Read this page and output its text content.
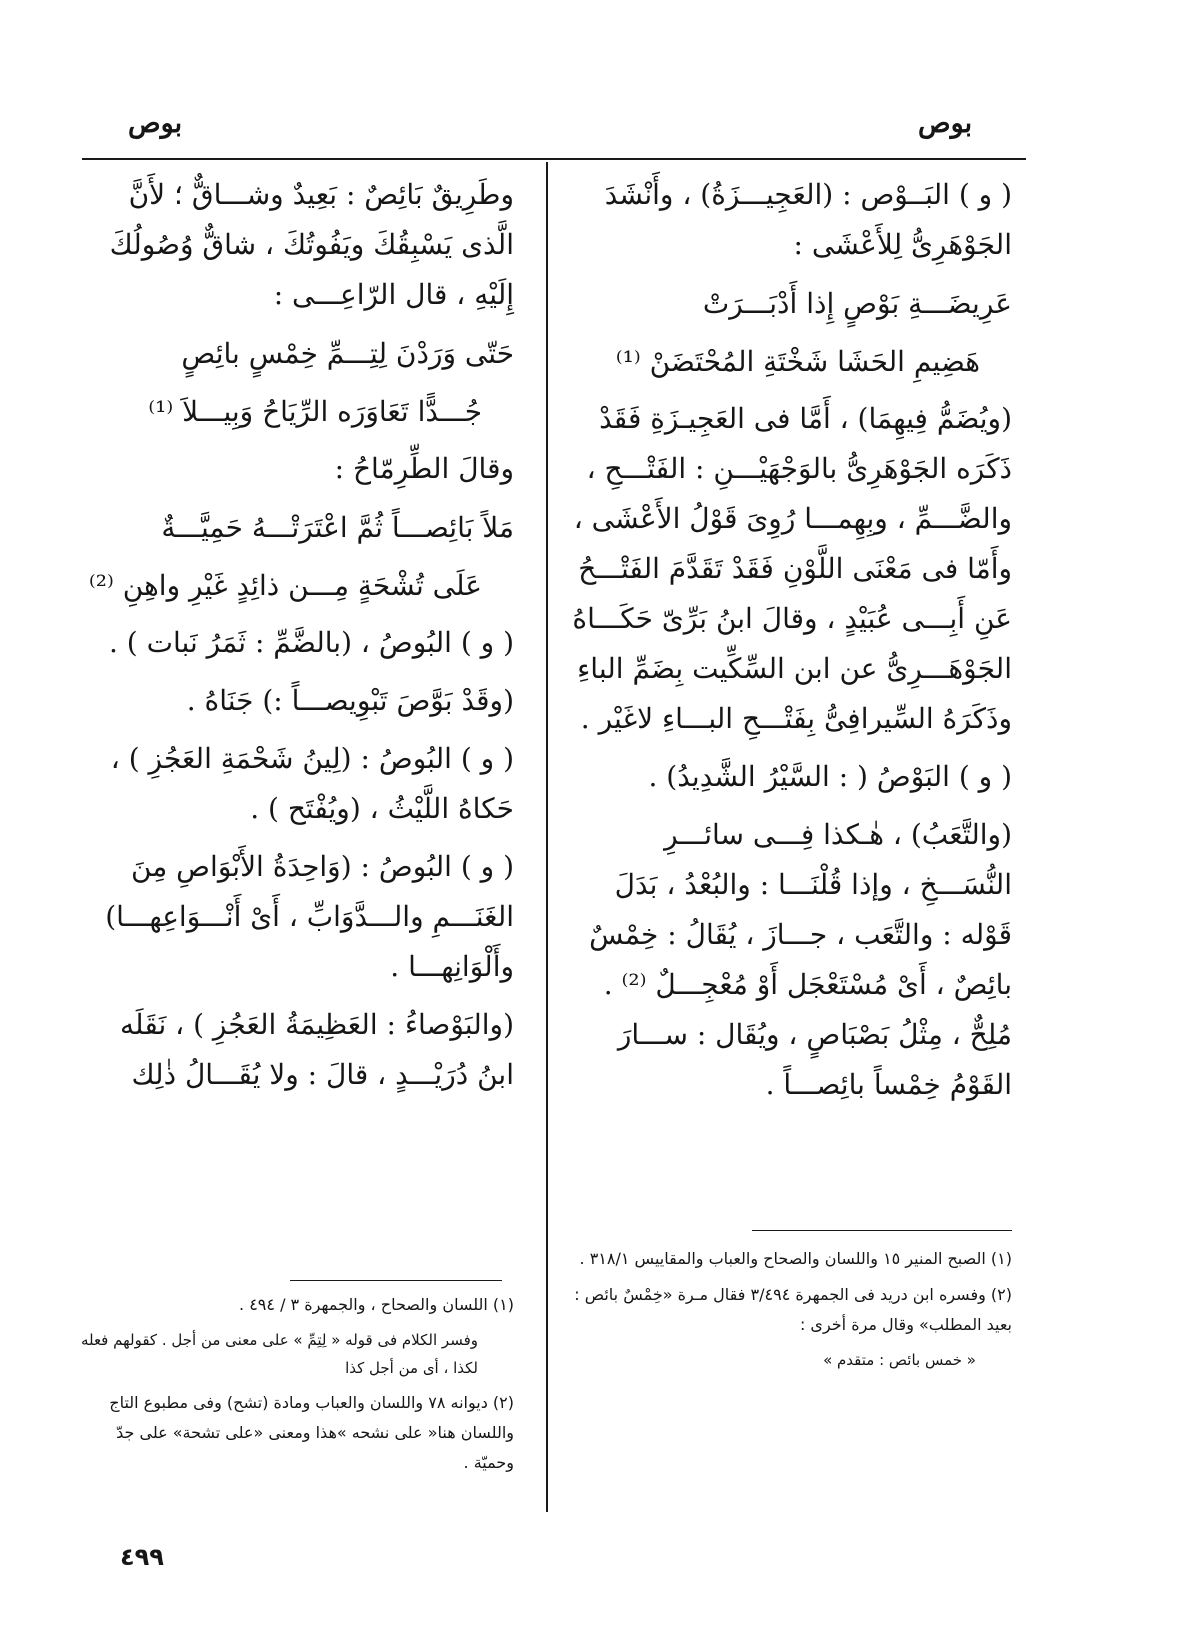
بوص

بوص

( و ) البَــوْص : (العَجِيـــزَةُ) ، وأَنْشَدَ الجَوْهَرِىُّ لِلأَعْشَى :

عَرِيضَـــةِ بَوْصٍ إِذا أَدْبَـــرَتْ

هَضِيمِ الحَشَا شَخْتَةِ المُحْتَضَنْ ⁽¹⁾

(ويُضَمُّ فِيهِمَا) ، أَمَّا فى العَجِيـزَةِ فَقَدْ ذَكَرَه الجَوْهَرِىُّ بالوَجْهَيْـــنِ : الفَتْـــحِ ، والضَّـــمِّ ، وبِهِمـــا رُوِىَ قَوْلُ الأَعْشَى ، وأَمّا فى مَعْنَى اللَّوْنِ فَقَدْ تَقَدَّمَ الفَتْـــحُ عَنِ أَبِـــى عُبَيْدٍ ، وقالَ ابنُ بَرِّىّ حَكَـــاهُ الجَوْهَـــرِىُّ عن ابن السِّكِّيت بِضَمِّ الباءِ وذَكَرَهُ السِّيرافِىُّ بِفَتْـــحِ البـــاءِ لاغَيْر .

( و ) البَوْصُ ( : السَّيْرُ الشَّدِيدُ) .

(والتَّعَبُ) ، هٰـكذا فِـــى سائـــرِ النُّسَـــخِ ، وإذا قُلْنَـــا : والبُعْدُ ، بَدَلَ قَوْله : والتَّعَب ، جـــازَ ، يُقَالُ : خِمْسٌ بائِصٌ ، أَىْ مُسْتَعْجَل أَوْ مُعْجِـــلٌ ⁽²⁾ . مُلِحٌّ ، مِثْلُ بَصْبَاصٍ ، ويُقَال : ســـارَ القَوْمُ خِمْساً بائِصـــاً .

وطَرِيقٌ بَائِصٌ : بَعِيدٌ وشـــاقٌّ ؛ لأَنَّ الَّذى يَسْبِقُكَ ويَفُوتُكَ ، شاقٌّ وُصُولُكَ إِلَيْهِ ، قال الرّاعِـــى :

حَتّى وَرَدْنَ لِتِـــمِّ خِمْسٍ بائِصٍ

جُـــدًّا تَعَاوَرَه الرِّيَاحُ وَبِيـــلاَ ⁽¹⁾

وقالَ الطِّرِمّاحُ :

مَلاً بَائِصـــاً ثُمَّ اعْتَرَتْـــهُ حَمِيَّـــةٌ

عَلَى تُشْحَةٍ مِـــن ذائِدٍ غَيْرِ واهِنِ ⁽²⁾

( و ) البُوصُ ، (بالضَّمِّ : ثَمَرُ نَبات ) .

(وقَدْ بَوَّصَ تَبْوِيصـــاً :) جَنَاهُ .

( و ) البُوصُ : (لِينُ شَحْمَةِ العَجُزِ ) ، حَكاهُ اللَّيْثُ ، (ويُفْتَح ) .

( و ) البُوصُ : (وَاحِدَةُ الأَبْوَاصِ مِنَ الغَنَـــمِ والـــدَّوَابِّ ، أَىْ أَنْـــوَاعِهـــا) وأَلْوَانِهـــا .

(والبَوْصاءُ : العَظِيمَةُ العَجُزِ ) ، نَقَلَه ابنُ دُرَيْـــدٍ ، قالَ : ولا يُقَـــالُ ذٰلِك

(١) الصبح المنير ١٥ واللسان والصحاح والعباب والمقاييس ٣١٨/١ .

(٢) وفسره ابن دريد فى الجمهرة ٣/٤٩٤ فقال مـرة «خِمْسٌ بائص : بعيد المطلب» وقال مرة أخرى :

« خمس بائص : متقدم »

(١) اللسان والصحاح ، والجمهرة ٣ / ٤٩٤ .

وفسر الكلام فى قوله « لِتِمِّ » على معنى من أجل . كقولهم فعله لكذا ، أى من أجل كذا

(٢) ديوانه ٧٨ واللسان والعباب ومادة (تشح) وفى مطبوع التاج واللسان هنا« على نشحه »هذا ومعنى «على تشحة» على جدّ وحميّة .

٤٩٩
